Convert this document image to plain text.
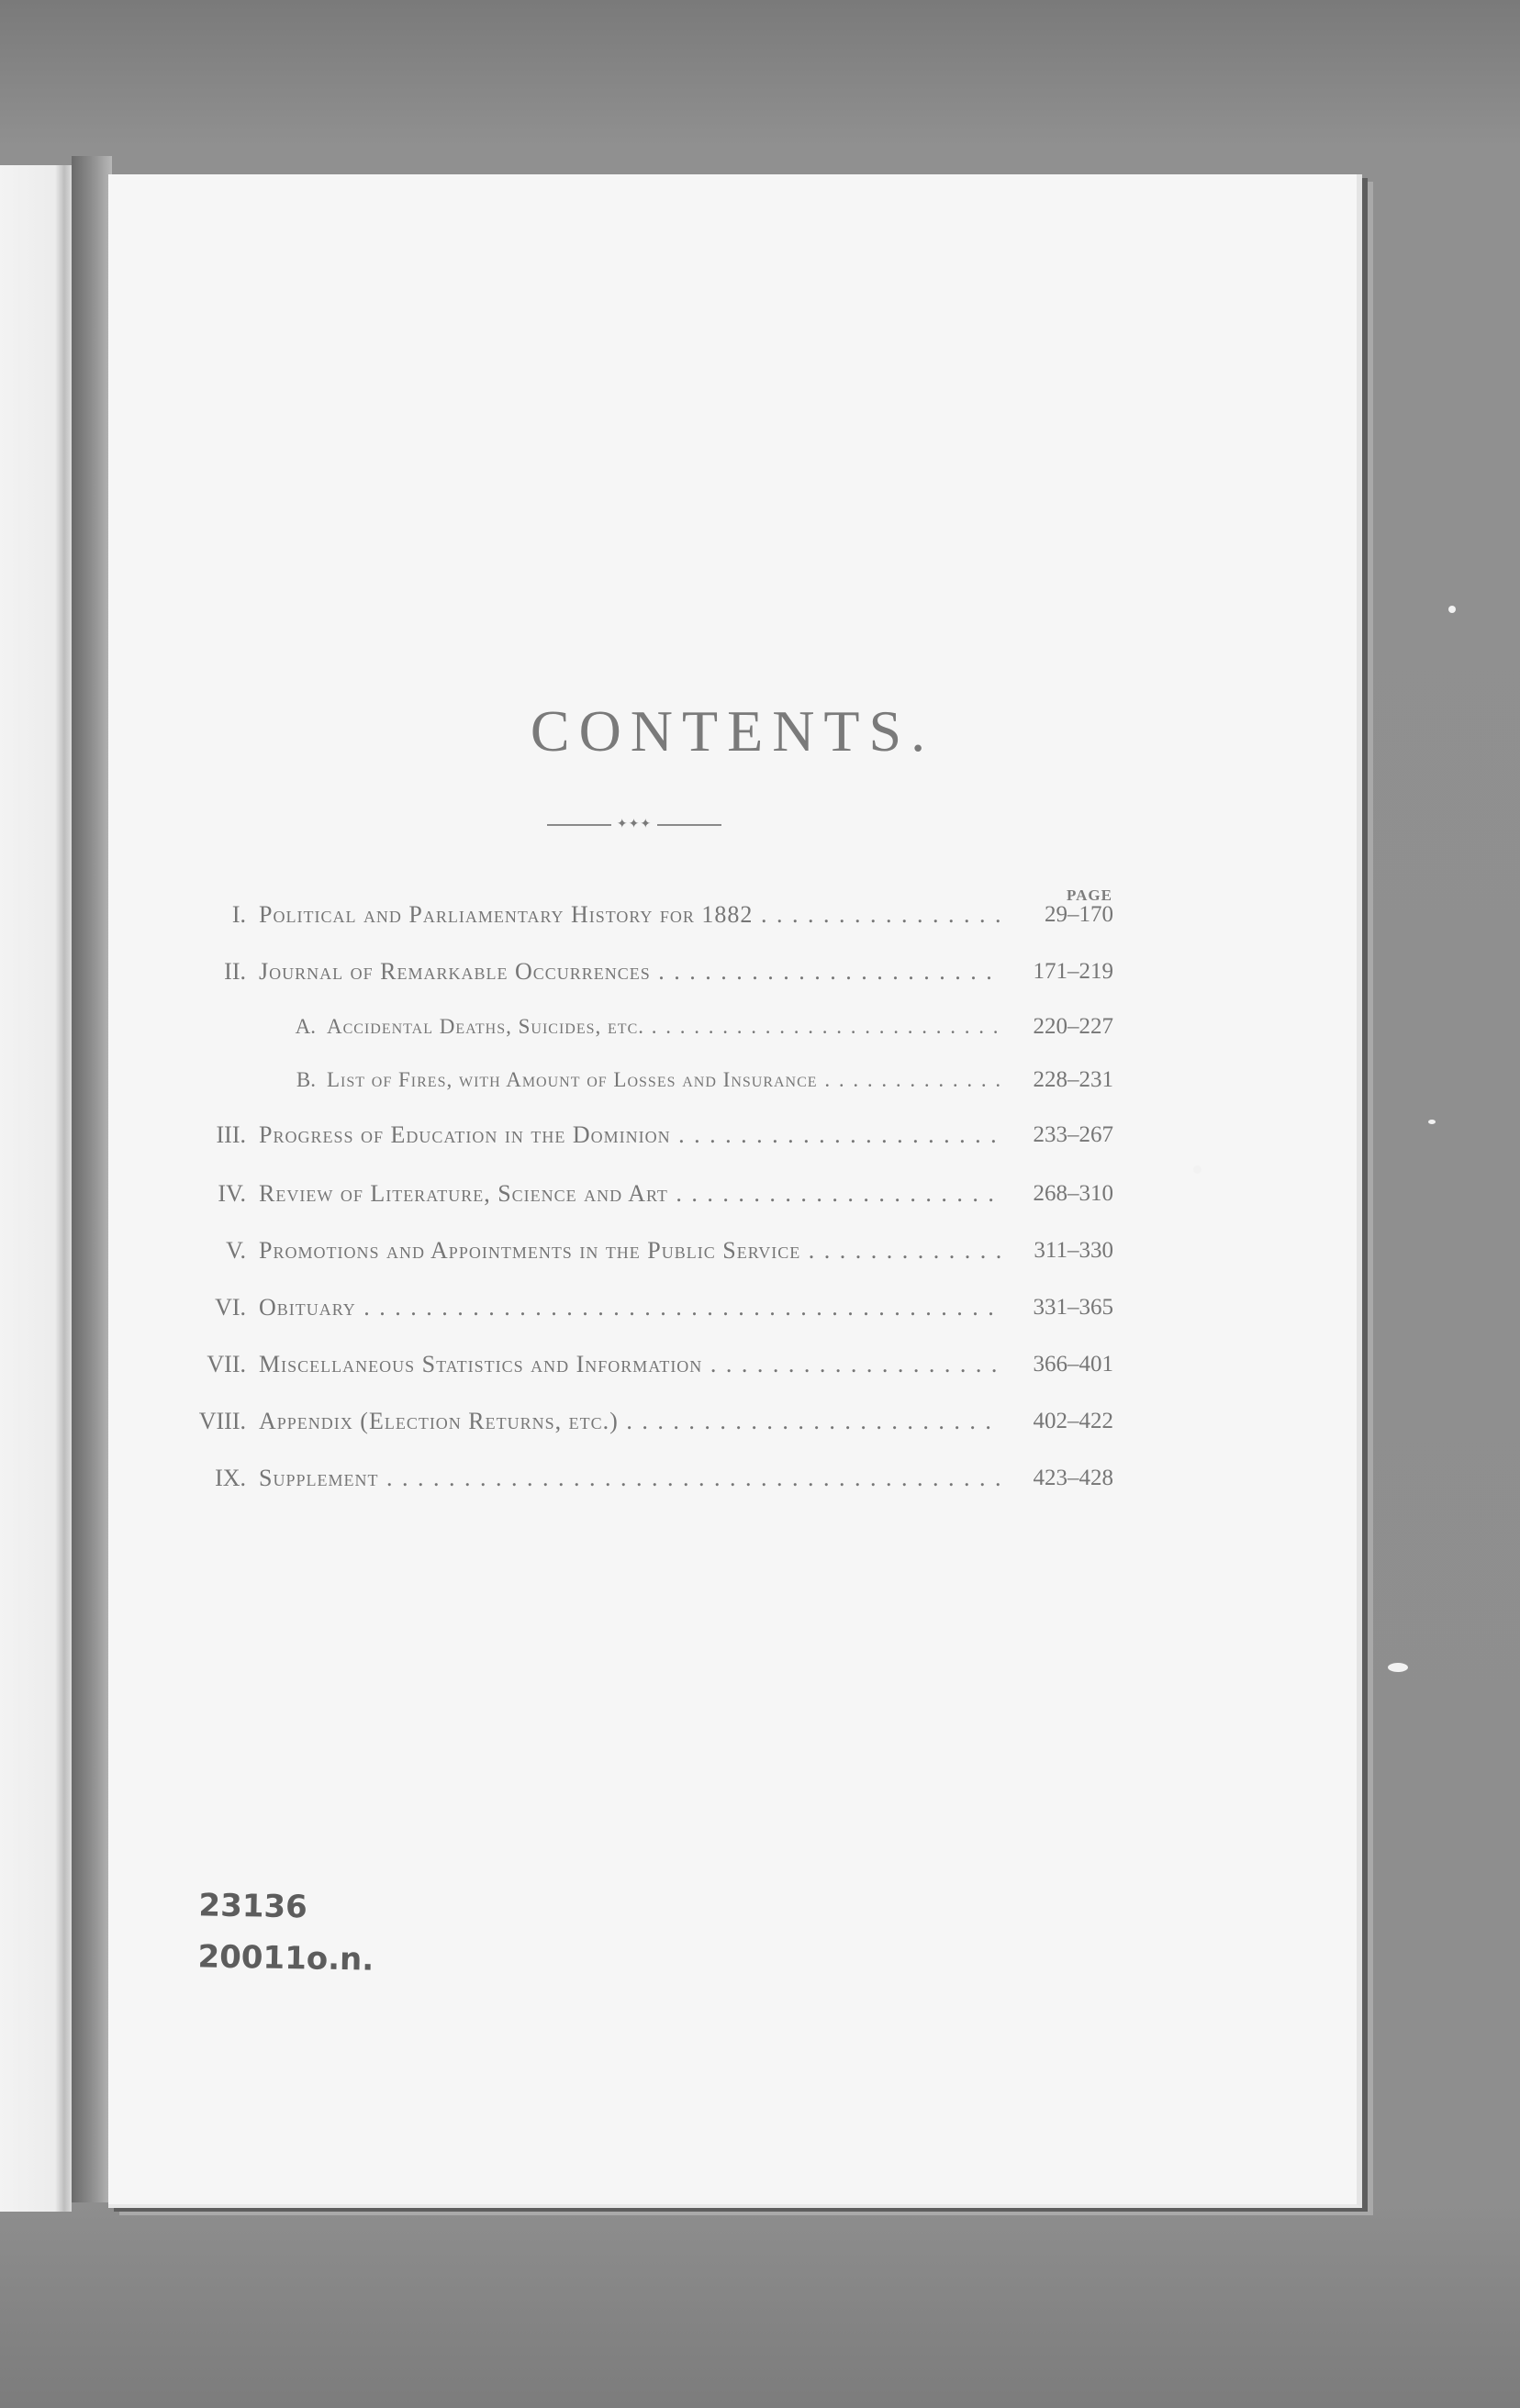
CONTENTS.
✦✦✦
PAGE
I. Political and Parliamentary History for 1882 . . .	29–170
II. Journal of Remarkable Occurrences . . .	171–219
A. Accidental Deaths, Suicides, etc. . . .	220–227
B. List of Fires, with Amount of Losses and Insurance . . .	228–231
III. Progress of Education in the Dominion . . .	233–267
IV. Review of Literature, Science and Art . . .	268–310
V. Promotions and Appointments in the Public Service . . .	311–330
VI. Obituary . . .	331–365
VII. Miscellaneous Statistics and Information . . .	366–401
VIII. Appendix (Election Returns, etc.) . . .	402–422
IX. Supplement . . .	423–428
23136
20011o.n.
